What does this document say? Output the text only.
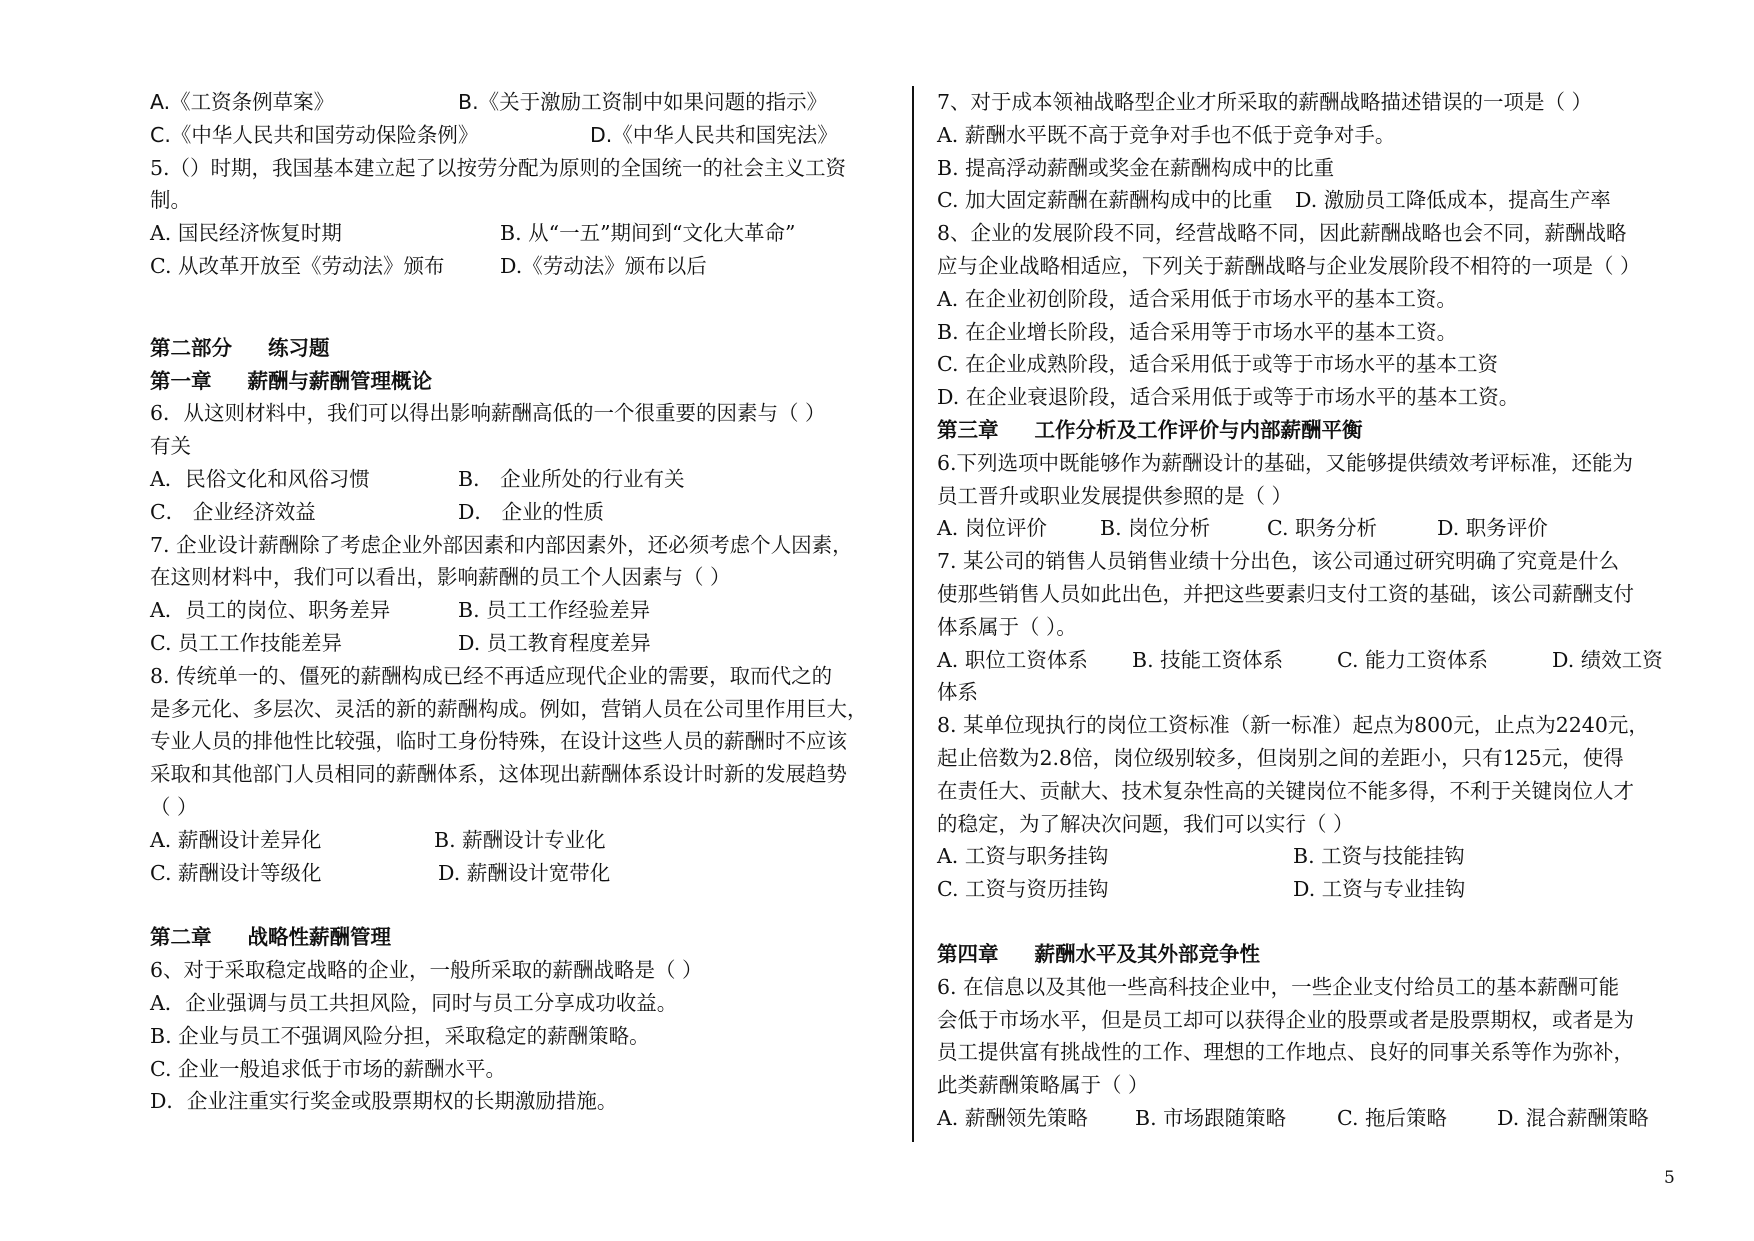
A.《工资条例草案》	B.《关于激励工资制中如果问题的指示》
C.《中华人民共和国劳动保险条例》	D.《中华人民共和国宪法》
5.（）时期，我国基本建立起了以按劳分配为原则的全国统一的社会主义工资
制。
A. 国民经济恢复时期	B. 从“一五”期间到“文化大革命”
C. 从改革开放至《劳动法》颁布	D.《劳动法》颁布以后
第二部分 练习题
第一章 薪酬与薪酬管理概论
6．从这则材料中，我们可以得出影响薪酬高低的一个很重要的因素与（ ）
有关
A．民俗文化和风俗习惯	B． 企业所处的行业有关
C． 企业经济效益	D． 企业的性质
7. 企业设计薪酬除了考虑企业外部因素和内部因素外，还必须考虑个人因素，
在这则材料中，我们可以看出，影响薪酬的员工个人因素与（ ）
A．员工的岗位、职务差异	B. 员工工作经验差异
C. 员工工作技能差异	D. 员工教育程度差异
8. 传统单一的、僵死的薪酬构成已经不再适应现代企业的需要，取而代之的
是多元化、多层次、灵活的新的薪酬构成。例如，营销人员在公司里作用巨大，
专业人员的排他性比较强，临时工身份特殊，在设计这些人员的薪酬时不应该
采取和其他部门人员相同的薪酬体系，这体现出薪酬体系设计时新的发展趋势
（ ）
A. 薪酬设计差异化	B. 薪酬设计专业化
C. 薪酬设计等级化	D. 薪酬设计宽带化
第二章 战略性薪酬管理
6、对于采取稳定战略的企业，一般所采取的薪酬战略是（ ）
A．企业强调与员工共担风险，同时与员工分享成功收益。
B. 企业与员工不强调风险分担，采取稳定的薪酬策略。
C. 企业一般追求低于市场的薪酬水平。
D．企业注重实行奖金或股票期权的长期激励措施。
7、对于成本领袖战略型企业才所采取的薪酬战略描述错误的一项是（ ）
A. 薪酬水平既不高于竞争对手也不低于竞争对手。
B. 提高浮动薪酬或奖金在薪酬构成中的比重
C. 加大固定薪酬在薪酬构成中的比重 D. 激励员工降低成本，提高生产率
8、企业的发展阶段不同，经营战略不同，因此薪酬战略也会不同，薪酬战略
应与企业战略相适应，下列关于薪酬战略与企业发展阶段不相符的一项是（ ）
A. 在企业初创阶段，适合采用低于市场水平的基本工资。
B. 在企业增长阶段，适合采用等于市场水平的基本工资。
C. 在企业成熟阶段，适合采用低于或等于市场水平的基本工资
D. 在企业衰退阶段，适合采用低于或等于市场水平的基本工资。
第三章 工作分析及工作评价与内部薪酬平衡
6.下列选项中既能够作为薪酬设计的基础，又能够提供绩效考评标准，还能为
员工晋升或职业发展提供参照的是（ ）
A. 岗位评价	B. 岗位分析	C. 职务分析	D. 职务评价
7. 某公司的销售人员销售业绩十分出色，该公司通过研究明确了究竟是什么
使那些销售人员如此出色，并把这些要素归支付工资的基础，该公司薪酬支付
体系属于（ ）。
A. 职位工资体系 B. 技能工资体系	C. 能力工资体系	D. 绩效工资
体系
8. 某单位现执行的岗位工资标准（新一标准）起点为800元，止点为2240元，
起止倍数为2.8倍，岗位级别较多，但岗别之间的差距小，只有125元，使得
在责任大、贡献大、技术复杂性高的关键岗位不能多得，不利于关键岗位人才
的稳定，为了解决次问题，我们可以实行（ ）
A. 工资与职务挂钩	B. 工资与技能挂钩
C. 工资与资历挂钩	D. 工资与专业挂钩
第四章 薪酬水平及其外部竞争性
6. 在信息以及其他一些高科技企业中，一些企业支付给员工的基本薪酬可能
会低于市场水平，但是员工却可以获得企业的股票或者是股票期权，或者是为
员工提供富有挑战性的工作、理想的工作地点、良好的同事关系等作为弥补，
此类薪酬策略属于（ ）
A. 薪酬领先策略 B. 市场跟随策略 C. 拖后策略 D. 混合薪酬策略
5
